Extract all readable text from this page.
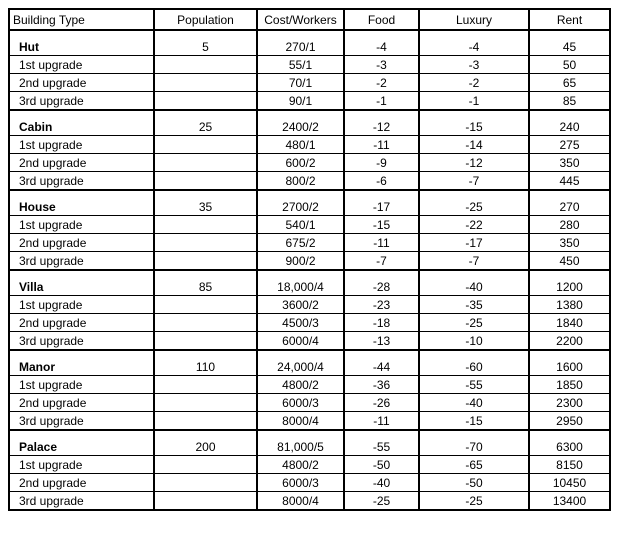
Building Type	Population	Cost/Workers	Food	Luxury	Rent
Hut	5	270/1	-4	-4	45
1st upgrade		55/1	-3	-3	50
2nd upgrade		70/1	-2	-2	65
3rd upgrade		90/1	-1	-1	85
Cabin	25	2400/2	-12	-15	240
1st upgrade		480/1	-11	-14	275
2nd upgrade		600/2	-9	-12	350
3rd upgrade		800/2	-6	-7	445
House	35	2700/2	-17	-25	270
1st upgrade		540/1	-15	-22	280
2nd upgrade		675/2	-11	-17	350
3rd upgrade		900/2	-7	-7	450
Villa	85	18,000/4	-28	-40	1200
1st upgrade		3600/2	-23	-35	1380
2nd upgrade		4500/3	-18	-25	1840
3rd upgrade		6000/4	-13	-10	2200
Manor	110	24,000/4	-44	-60	1600
1st upgrade		4800/2	-36	-55	1850
2nd upgrade		6000/3	-26	-40	2300
3rd upgrade		8000/4	-11	-15	2950
Palace	200	81,000/5	-55	-70	6300
1st upgrade		4800/2	-50	-65	8150
2nd upgrade		6000/3	-40	-50	10450
3rd upgrade		8000/4	-25	-25	13400
